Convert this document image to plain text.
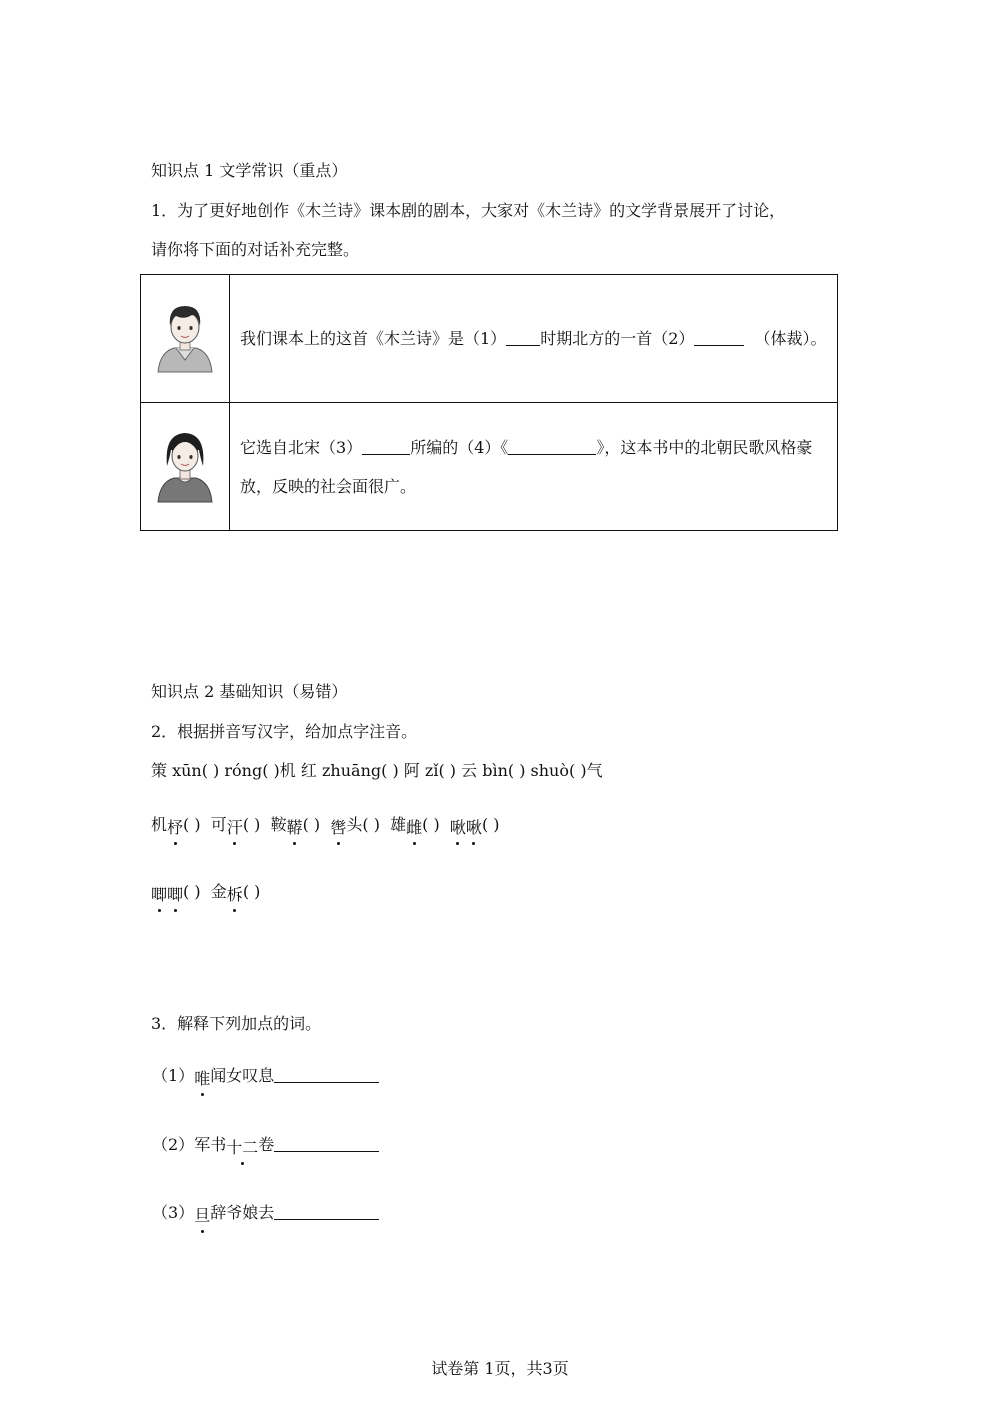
知识点 1 文学常识（重点）
1．为了更好地创作《木兰诗》课本剧的剧本，大家对《木兰诗》的文学背景展开了讨论，
请你将下面的对话补充完整。
	我们课本上的这首《木兰诗》是（1） 时期北方的一首（2） （体裁）。
	它选自北宋（3） 所编的（4）《 》，这本书中的北朝民歌风格豪放，反映的社会面很广。
知识点 2 基础知识（易错）
2．根据拼音写汉字，给加点字注音。
策 xūn( ) róng( )机 红 zhuāng( ) 阿 zǐ( ) 云 bìn( ) shuò( )气
机杼( ) 可汗( ) 鞍鞯( ) 辔头( ) 雄雌( ) 啾啾( )
唧唧( ) 金柝( )
3．解释下列加点的词。
（1）唯闻女叹息
（2）军书十二卷
（3）旦辞爷娘去
试卷第 1页，共3页
